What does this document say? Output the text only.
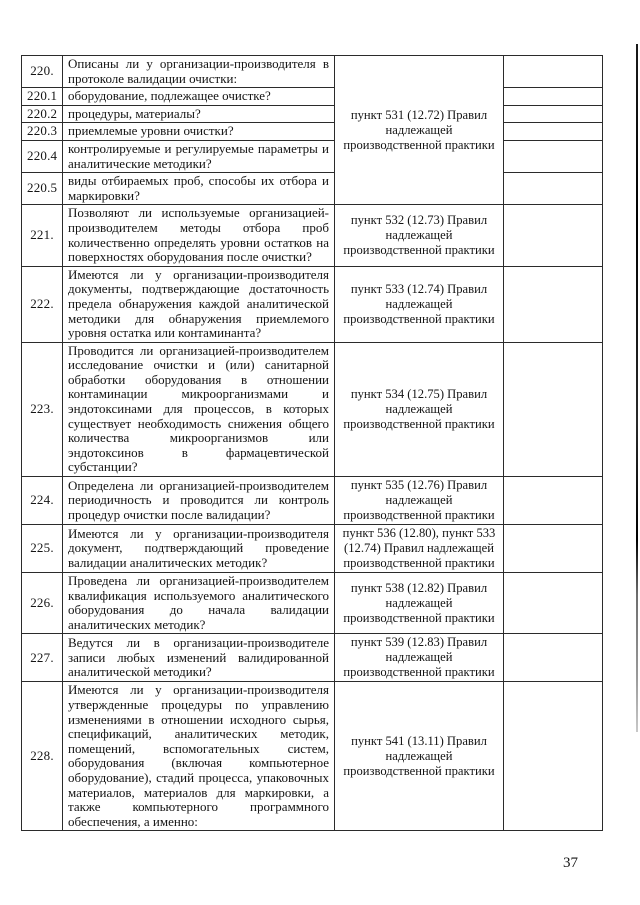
220.	Описаны ли у организации-производителя в протоколе валидации очистки:	пункт 531 (12.72) Правил надлежащей производственной практики	
220.1	оборудование, подлежащее очистке?		
220.2	процедуры, материалы?		
220.3	приемлемые уровни очистки?		
220.4	контролируемые и регулируемые параметры и аналитические методики?		
220.5	виды отбираемых проб, способы их отбора и маркировки?		
221.	Позволяют ли используемые организацией-производителем методы отбора проб количественно определять уровни остатков на поверхностях оборудования после очистки?	пункт 532 (12.73) Правил надлежащей производственной практики	
222.	Имеются ли у организации-производителя документы, подтверждающие достаточность предела обнаружения каждой аналитической методики для обнаружения приемлемого уровня остатка или контаминанта?	пункт 533 (12.74) Правил надлежащей производственной практики	
223.	Проводится ли организацией-производителем исследование очистки и (или) санитарной обработки оборудования в отношении контаминации микроорганизмами и эндотоксинами для процессов, в которых существует необходимость снижения общего количества микроорганизмов или эндотоксинов в фармацевтической субстанции?	пункт 534 (12.75) Правил надлежащей производственной практики	
224.	Определена ли организацией-производителем периодичность и проводится ли контроль процедур очистки после валидации?	пункт 535 (12.76) Правил надлежащей производственной практики	
225.	Имеются ли у организации-производителя документ, подтверждающий проведение валидации аналитических методик?	пункт 536 (12.80), пункт 533 (12.74) Правил надлежащей производственной практики	
226.	Проведена ли организацией-производителем квалификация используемого аналитического оборудования до начала валидации аналитических методик?	пункт 538 (12.82) Правил надлежащей производственной практики	
227.	Ведутся ли в организации-производителе записи любых изменений валидированной аналитической методики?	пункт 539 (12.83) Правил надлежащей производственной практики	
228.	Имеются ли у организации-производителя утвержденные процедуры по управлению изменениями в отношении исходного сырья, спецификаций, аналитических методик, помещений, вспомогательных систем, оборудования (включая компьютерное оборудование), стадий процесса, упаковочных материалов, материалов для маркировки, а также компьютерного программного обеспечения, а именно:	пункт 541 (13.11) Правил надлежащей производственной практики	
37
